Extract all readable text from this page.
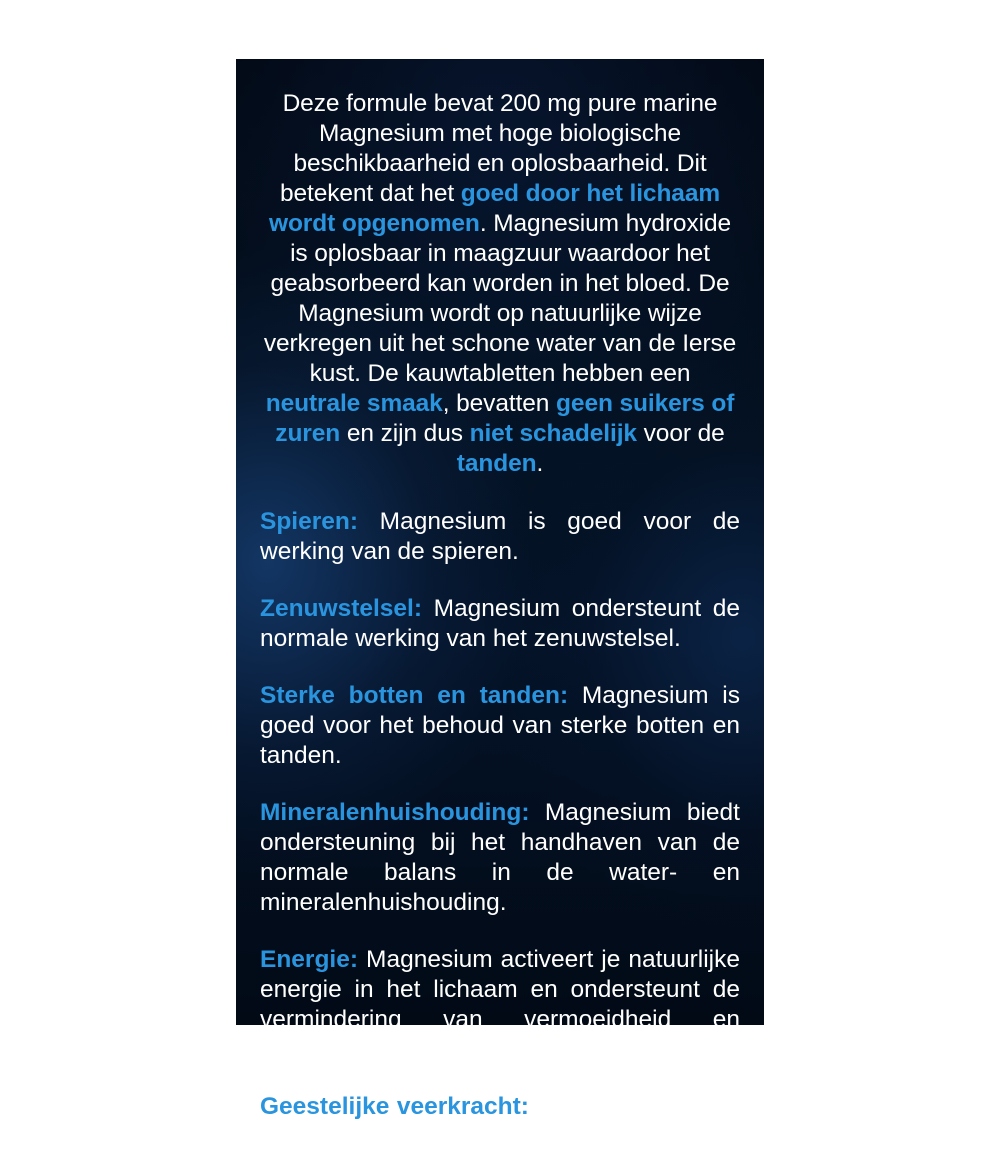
Deze formule bevat 200 mg pure marine Magnesium met hoge biologische beschikbaarheid en oplosbaarheid. Dit betekent dat het goed door het lichaam wordt opgenomen. Magnesium hydroxide is oplosbaar in maagzuur waardoor het geabsorbeerd kan worden in het bloed. De Magnesium wordt op natuurlijke wijze verkregen uit het schone water van de Ierse kust. De kauwtabletten hebben een neutrale smaak, bevatten geen suikers of zuren en zijn dus niet schadelijk voor de tanden.

Spieren: Magnesium is goed voor de werking van de spieren.

Zenuwstelsel: Magnesium ondersteunt de normale werking van het zenuwstelsel.

Sterke botten en tanden: Magnesium is goed voor het behoud van sterke botten en tanden.

Mineralenhuishouding: Magnesium biedt ondersteuning bij het handhaven van de normale balans in de water- en mineralenhuishouding.

Energie: Magnesium activeert je natuurlijke energie in het lichaam en ondersteunt de vermindering van vermoeidheid en moeheid.

Geestelijke veerkracht: Magnesium draagt bij aan geestelijke veerkracht.
